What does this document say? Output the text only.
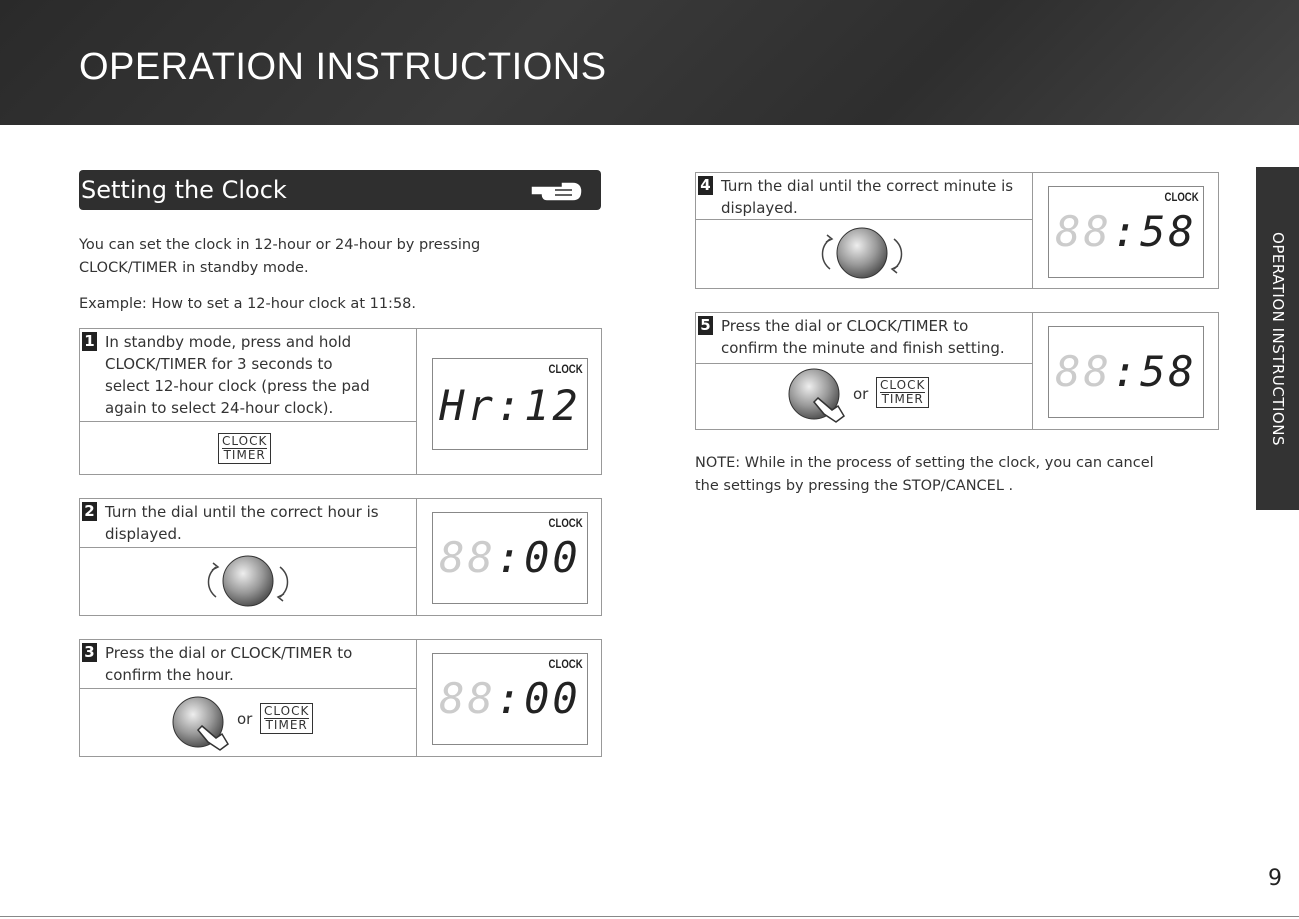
OPERATION INSTRUCTIONS
OPERATION INSTRUCTIONS
Setting the Clock
You can set the clock in 12-hour or 24-hour by pressing
CLOCK/TIMER in standby mode.
Example: How to set a 12-hour clock at 11:58.
1 In standby mode, press and hold
CLOCK/TIMER for 3 seconds to
select 12-hour clock (press the pad
again to select 24-hour clock).
CLOCK
TIMER
CLOCK
Hr:12
2 Turn the dial until the correct hour is
displayed.
CLOCK
88:00
3 Press the dial or CLOCK/TIMER to
confirm the hour.
or CLOCK
TIMER
CLOCK
88:00
4 Turn the dial until the correct minute is
displayed.
CLOCK
88:58
5 Press the dial or CLOCK/TIMER to
confirm the minute and finish setting.
or CLOCK
TIMER
88:58
NOTE: While in the process of setting the clock, you can cancel
the settings by pressing the STOP/CANCEL .
9
